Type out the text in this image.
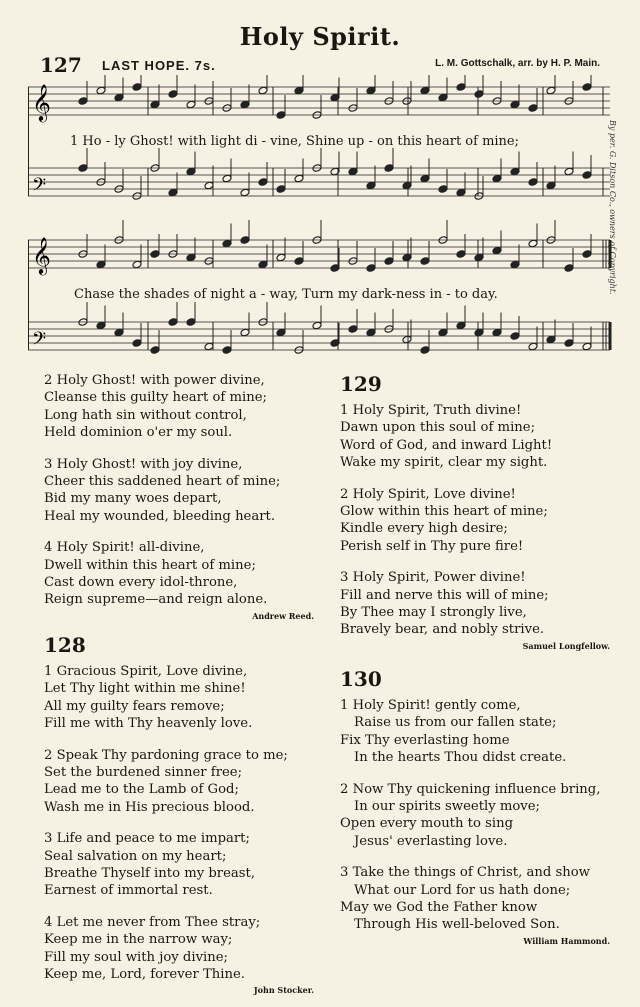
Holy Spirit.
127 LAST HOPE. 7s.	L. M. Gottschalk, arr. by H. P. Main.
𝄞
𝄢
𝄞
𝄢
1 Ho - ly Ghost! with light di - vine, Shine up - on this heart of mine;
Chase the shades of night a - way, Turn my dark-ness in - to day.	By per. G. Ditson Co., owners of Copyright.
2 Holy Ghost! with power divine,
Cleanse this guilty heart of mine;
Long hath sin without control,
Held dominion o'er my soul.
3 Holy Ghost! with joy divine,
Cheer this saddened heart of mine;
Bid my many woes depart,
Heal my wounded, bleeding heart.
4 Holy Spirit! all-divine,
Dwell within this heart of mine;
Cast down every idol-throne,
Reign supreme—and reign alone.
Andrew Reed.
128
1 Gracious Spirit, Love divine,
Let Thy light within me shine!
All my guilty fears remove;
Fill me with Thy heavenly love.
2 Speak Thy pardoning grace to me;
Set the burdened sinner free;
Lead me to the Lamb of God;
Wash me in His precious blood.
3 Life and peace to me impart;
Seal salvation on my heart;
Breathe Thyself into my breast,
Earnest of immortal rest.
4 Let me never from Thee stray;
Keep me in the narrow way;
Fill my soul with joy divine;
Keep me, Lord, forever Thine.
John Stocker.
129
1 Holy Spirit, Truth divine!
Dawn upon this soul of mine;
Word of God, and inward Light!
Wake my spirit, clear my sight.
2 Holy Spirit, Love divine!
Glow within this heart of mine;
Kindle every high desire;
Perish self in Thy pure fire!
3 Holy Spirit, Power divine!
Fill and nerve this will of mine;
By Thee may I strongly live,
Bravely bear, and nobly strive.
Samuel Longfellow.
130
1 Holy Spirit! gently come,
Raise us from our fallen state;
Fix Thy everlasting home
In the hearts Thou didst create.
2 Now Thy quickening influence bring,
In our spirits sweetly move;
Open every mouth to sing
Jesus' everlasting love.
3 Take the things of Christ, and show
What our Lord for us hath done;
May we God the Father know
Through His well-beloved Son.
William Hammond.
